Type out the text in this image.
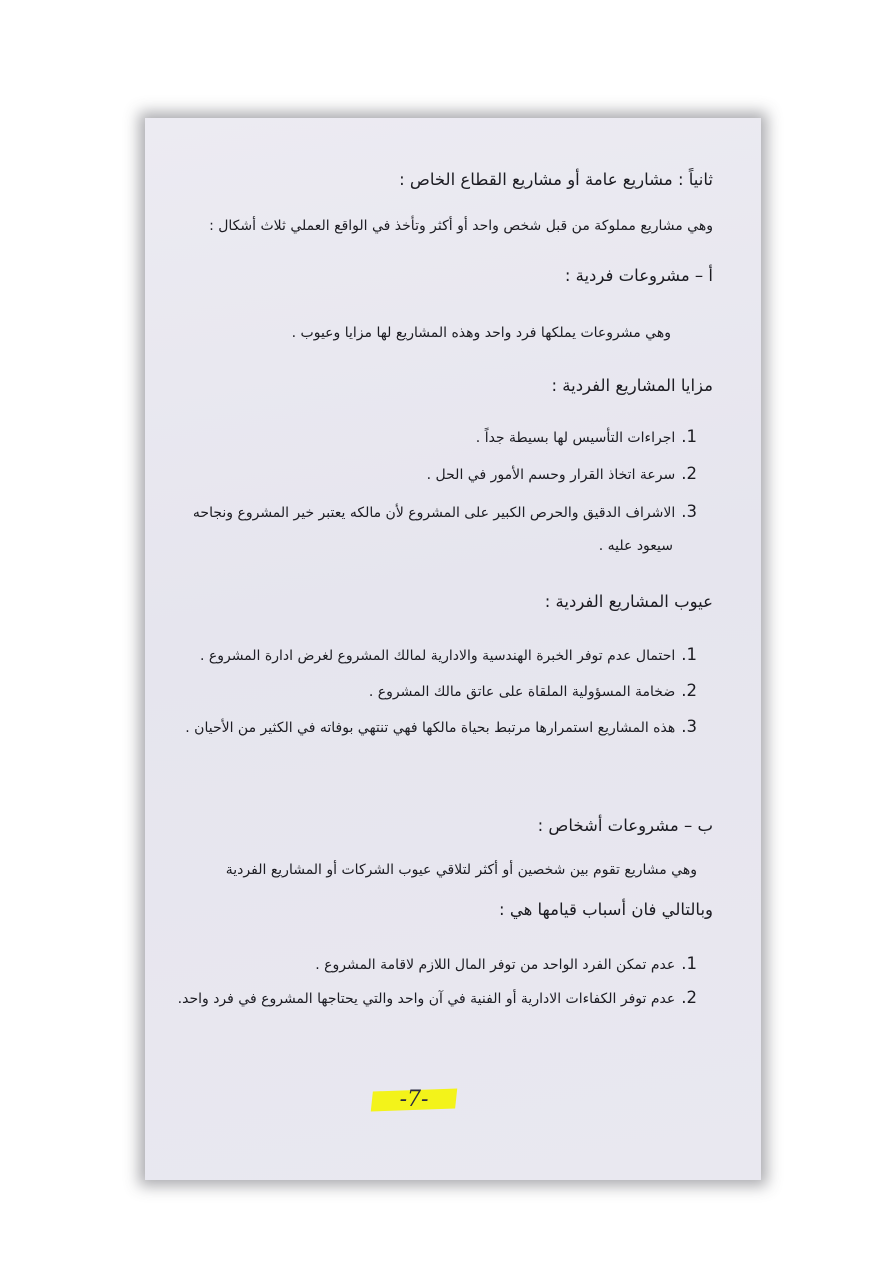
ثانياً : مشاريع عامة أو مشاريع القطاع الخاص :
وهي مشاريع مملوكة من قبل شخص واحد أو أكثر وتأخذ في الواقع العملي ثلاث أشكال :
أ – مشروعات فردية :
وهي مشروعات يملكها فرد واحد وهذه المشاريع لها مزايا وعيوب .
مزايا المشاريع الفردية :
1.اجراءات التأسيس لها بسيطة جداً .
2.سرعة اتخاذ القرار وحسم الأمور في الحل .
3.الاشراف الدقيق والحرص الكبير على المشروع لأن مالكه يعتبر خير المشروع ونجاحه
سيعود عليه .
عيوب المشاريع الفردية :
1.احتمال عدم توفر الخبرة الهندسية والادارية لمالك المشروع لغرض ادارة المشروع .
2.ضخامة المسؤولية الملقاة على عاتق مالك المشروع .
3.هذه المشاريع استمرارها مرتبط بحياة مالكها فهي تنتهي بوفاته في الكثير من الأحيان .
ب – مشروعات أشخاص :
وهي مشاريع تقوم بين شخصين أو أكثر لتلاقي عيوب الشركات أو المشاريع الفردية
وبالتالي فان أسباب قيامها هي :
1.عدم تمكن الفرد الواحد من توفر المال اللازم لاقامة المشروع .
2.عدم توفر الكفاءات الادارية أو الفنية في آن واحد والتي يحتاجها المشروع في فرد واحد.
-7-
